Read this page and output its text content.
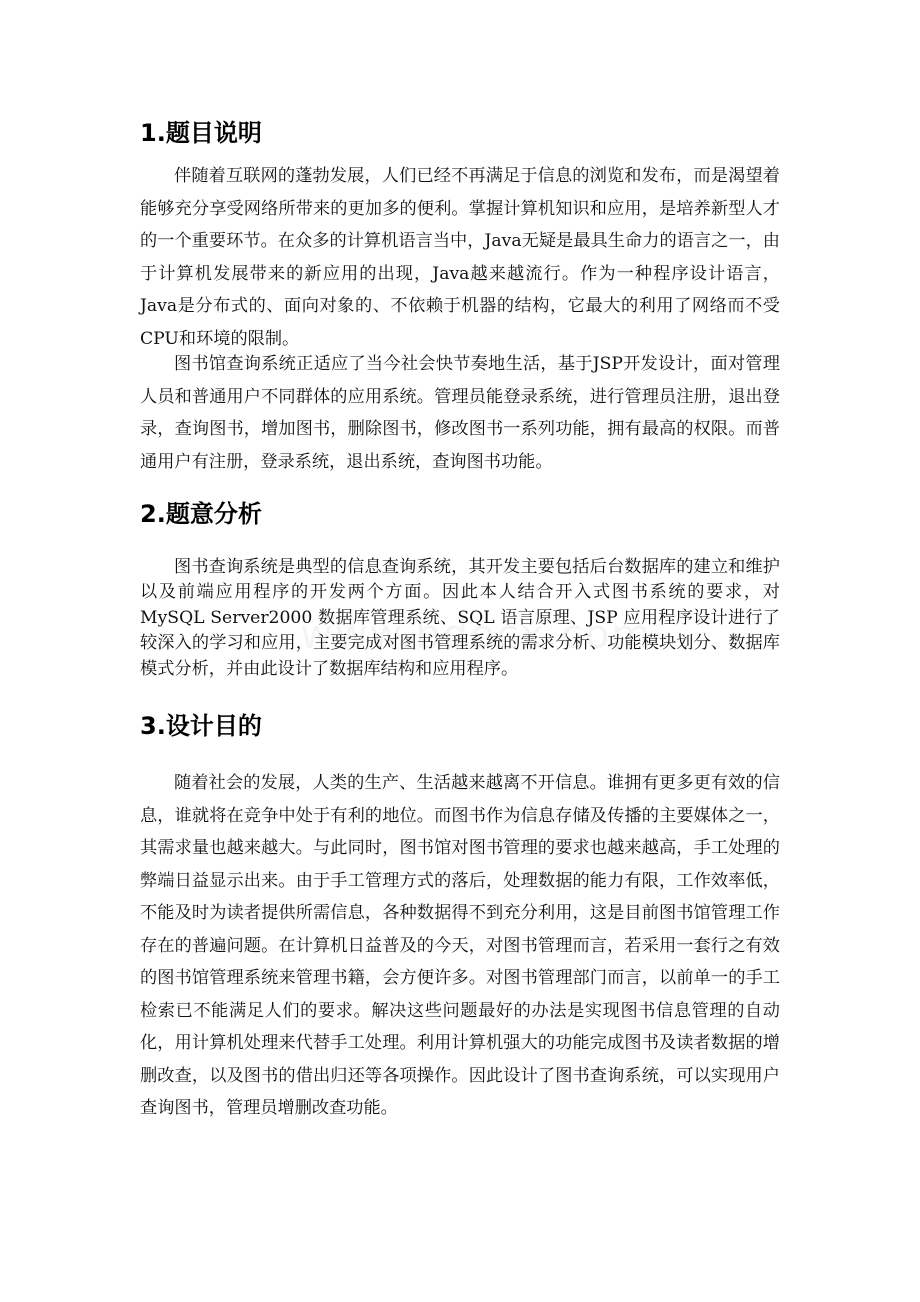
1.题目说明

伴随着互联网的蓬勃发展，人们已经不再满足于信息的浏览和发布，而是渴望着能够充分享受网络所带来的更加多的便利。掌握计算机知识和应用，是培养新型人才的一个重要环节。在众多的计算机语言当中，Java无疑是最具生命力的语言之一，由于计算机发展带来的新应用的出现，Java越来越流行。作为一种程序设计语言，Java是分布式的、面向对象的、不依赖于机器的结构，它最大的利用了网络而不受CPU和环境的限制。

图书馆查询系统正适应了当今社会快节奏地生活，基于JSP开发设计，面对管理人员和普通用户不同群体的应用系统。管理员能登录系统，进行管理员注册，退出登录，查询图书，增加图书，删除图书，修改图书一系列功能，拥有最高的权限。而普通用户有注册，登录系统，退出系统，查询图书功能。

2.题意分析

图书查询系统是典型的信息查询系统，其开发主要包括后台数据库的建立和维护以及前端应用程序的开发两个方面。因此本人结合开入式图书系统的要求，对 MySQL Server2000 数据库管理系统、SQL 语言原理、JSP 应用程序设计进行了较深入的学习和应用，主要完成对图书管理系统的需求分析、功能模块划分、数据库模式分析，并由此设计了数据库结构和应用程序。

3.设计目的

随着社会的发展，人类的生产、生活越来越离不开信息。谁拥有更多更有效的信息，谁就将在竞争中处于有利的地位。而图书作为信息存储及传播的主要媒体之一，其需求量也越来越大。与此同时，图书馆对图书管理的要求也越来越高，手工处理的弊端日益显示出来。由于手工管理方式的落后，处理数据的能力有限，工作效率低，不能及时为读者提供所需信息，各种数据得不到充分利用，这是目前图书馆管理工作存在的普遍问题。在计算机日益普及的今天，对图书管理而言，若采用一套行之有效的图书馆管理系统来管理书籍，会方便许多。对图书管理部门而言，以前单一的手工检索已不能满足人们的要求。解决这些问题最好的办法是实现图书信息管理的自动化，用计算机处理来代替手工处理。利用计算机强大的功能完成图书及读者数据的增删改查，以及图书的借出归还等各项操作。因此设计了图书查询系统，可以实现用户查询图书，管理员增删改查功能。
